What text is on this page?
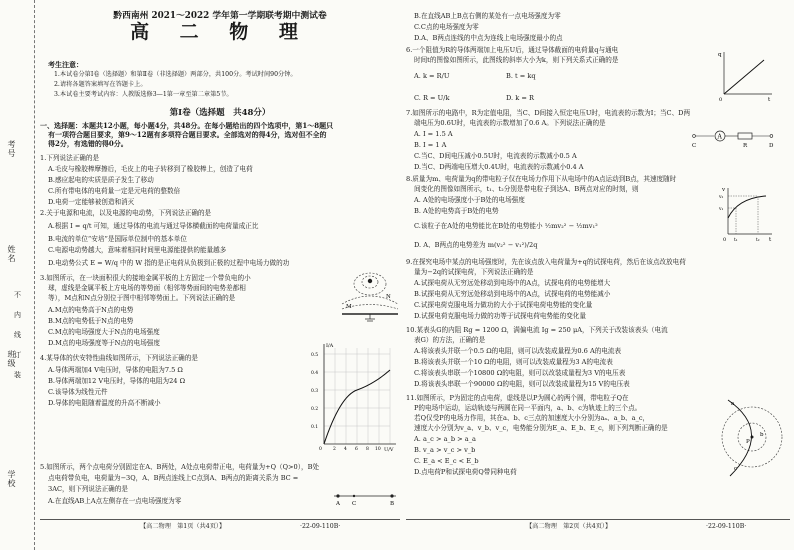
考号
姓名
班级
学校
不
内
线
订
装
黔西南州 2021～2022 学年第一学期联考期中测试卷
高 二 物 理
考生注意：
1.本试卷分第Ⅰ卷（选择题）和第Ⅱ卷（非选择题）两部分，共100分。考试时间90分钟。
2.请将各题答案填写在答题卡上。
3.本试卷主要考试内容：人教版选修3—1第一章至第二章第5节。
第Ⅰ卷（选择题　共48分）
一、选择题：本题共12小题，每小题4分，共48分。在每小题给出的四个选项中，第1～8题只
有一项符合题目要求，第9～12题有多项符合题目要求。全部选对的得4分，选对但不全的
得2分，有选错的得0分。
1.下列说法正确的是
A.毛皮与橡胶棒摩擦后，毛皮上的电子转移到了橡胶棒上，创造了电荷
B.感应起电的实质是质子发生了移动
C.所有带电体的电荷量一定是元电荷的整数倍
D.电荷一定能够被创造和消灭
2.关于电源和电流，以及电源的电动势，下列说法正确的是
A.根据 I = q/t 可知，通过导体的电流与通过导体横截面的电荷量成正比
B.电流的单位“安培”是国际单位制中的基本单位
C.电源电动势越大，意味着相同时间里电源能提供的能量越多
D.电动势公式 E = W/q 中的 W 指的是正电荷从负极到正极的过程中电场力做的功
3.如图所示，在一块面积很大的接地金属平板的上方固定一个带负电的小
球，虚线是金属平板上方电场的等势面（相邻等势面间的电势差都相
等），M点和N点分别位于图中相邻等势面上。下列说法正确的是
A.M点的电势高于N点的电势
B.M点的电势低于N点的电势
C.M点的电场强度大于N点的电场强度
D.M点的电场强度等于N点的电场强度
M
N
4.某导体的伏安特性曲线如图所示，下列说法正确的是
A.导体两端加4 V电压时，导体的电阻为7.5 Ω
B.导体两端加12 V电压时，导体的电阻为24 Ω
C.该导体为线性元件
D.导体的电阻随着温度的升高不断减小
I/A
U/V
0
0.5
0.4
0.3
0.2
0.1
2 4 6 8 10
5.如图所示，两个点电荷分别固定在A、B两处，A处点电荷带正电，电荷量为+Q（Q>0），B处
点电荷带负电，电荷量为−3Q，A、B两点连线上C点到A、B两点的距离关系为 BC =
3AC，则下列说法正确的是
A.在直线AB上A点左侧存在一点电场强度为零	A C	B
【高二物理　第1页（共4页）】	·22-09-110B·
B.在直线AB上B点右侧的某处有一点电场强度为零
C.C点的电场强度为零
D.A、B两点连线的中点为连线上电场强度最小的点
6.一个阻值为R的导体两端加上电压U后，通过导体截面的电荷量q与通电
时间t的图像如图所示，此图线的斜率大小为k，则下列关系式正确的是
A. k = R/U	B. t = kq
C. R = U/k	D. k = R
q
t
0
7.如图所示的电路中，R为定值电阻，当C、D间接入恒定电压U时，电流表的示数为I；当C、D两
端电压为0.6U时，电流表的示数增加了0.6 A。下列说法正确的是
A. I = 1.5 A
B. I = 1 A
C.当C、D间电压减小0.5U时，电流表的示数减小0.5 A
D.当C、D两端电压增大0.4U时，电流表的示数减小0.4 A
A
C	R	D
8.质量为m、电荷量为q的带电粒子仅在电场力作用下从电场中的A点运动到B点，其速度随时
间变化的图像如图所示，t₁、t₂分别是带电粒子到达A、B两点对应的时刻，则
A. A处的电场强度小于B处的电场强度
B. A处的电势高于B处的电势
C.该粒子在A处的电势能比在B处的电势能小 ½mv₂² − ½mv₁²
D. A、B两点的电势差为 m(v₂² − v₁²)/2q
v
t
0
v₂
v₁
t₁	t₂
9.在探究电场中某点的电场强度时，先在该点放入电荷量为+q的试探电荷，然后在该点改放电荷
量为−2q的试探电荷，下列说法正确的是
A.试探电荷从无穷远处移动到电场中的A点，试探电荷的电势能增大
B.试探电荷从无穷远处移动到电场中的A点，试探电荷的电势能减小
C.试探电荷克服电场力做功的大小于试探电荷电势能的变化量
D.试探电荷克服电场力做的功等于试探电荷电势能的变化量
10.某表头G的内阻 Rg = 1200 Ω，满偏电流 Ig = 250 μA，下列关于改装该表头（电流
表G）的方法，正确的是
A.将该表头并联一个0.5 Ω的电阻，则可以改装成量程为0.6 A的电流表
B.将该表头并联一个10 Ω的电阻，则可以改装成量程为3 A的电流表
C.将该表头串联一个10800 Ω的电阻，则可以改装成量程为3 V的电压表
D.将该表头串联一个90000 Ω的电阻，则可以改装成量程为15 V的电压表
11.如图所示，P为固定的点电荷，虚线是以P为圆心的两个圆，带电粒子Q在
P的电场中运动，运动轨迹与两圆在同一平面内，a、b、c为轨迹上的三个点。
若Q仅受P的电场力作用，其在a、b、c三点的加速度大小分别为aₐ、a_b、a_c，
速度大小分别为v_a、v_b、v_c，电势能分别为E_a、E_b、E_c，则下列判断正确的是
A. a_c > a_b > a_a
B. v_a > v_c > v_b
C. E_a < E_c < E_b
D.点电荷P和试探电荷Q带同种电荷
P
a
b
c
【高二物理　第2页（共4页）】	·22-09-110B·
